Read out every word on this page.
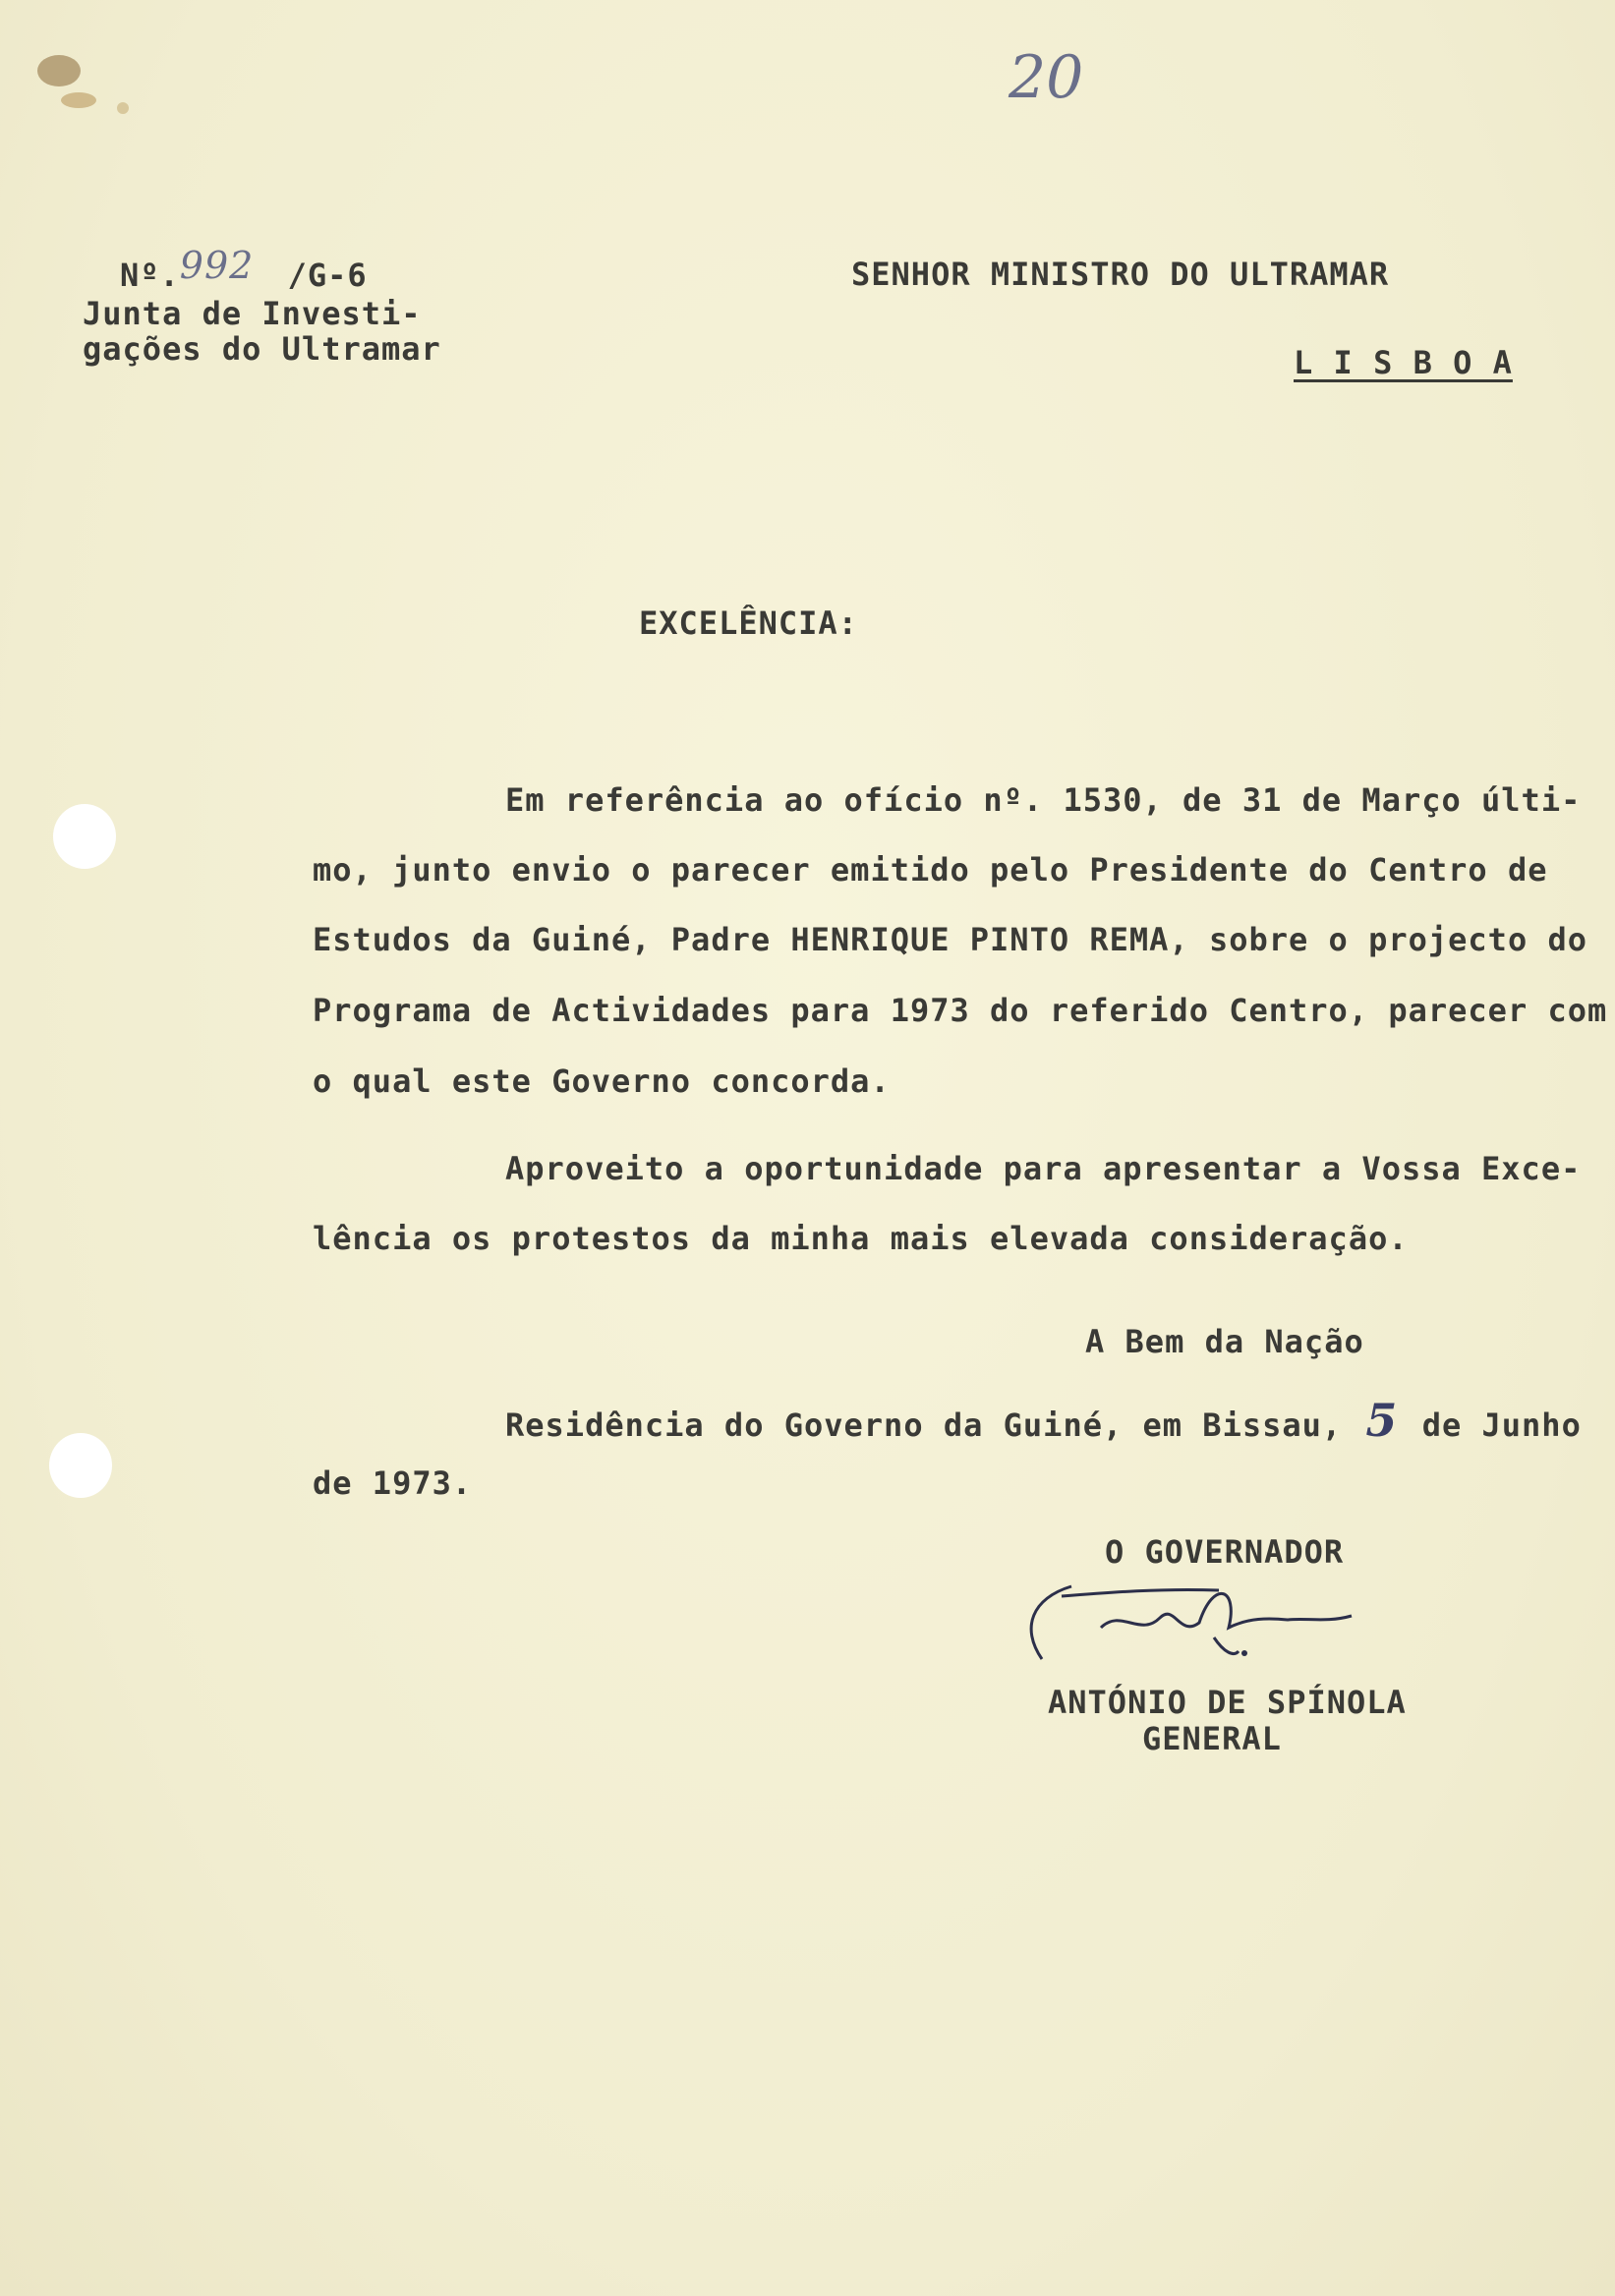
20
Nº.992 /G-6
Junta de Investi-
gações do Ultramar
SENHOR MINISTRO DO ULTRAMAR
L I S B O A
EXCELÊNCIA:
Em referência ao ofício nº. 1530, de 31 de Março últi-
mo, junto envio o parecer emitido pelo Presidente do Centro de
Estudos da Guiné, Padre HENRIQUE PINTO REMA, sobre o projecto do
Programa de Actividades para 1973 do referido Centro, parecer com
o qual este Governo concorda.
Aproveito a oportunidade para apresentar a Vossa Exce-
lência os protestos da minha mais elevada consideração.
A Bem da Nação
Residência do Governo da Guiné, em Bissau, 5 de Junho
de 1973.
O GOVERNADOR
ANTÓNIO DE SPÍNOLA
GENERAL
